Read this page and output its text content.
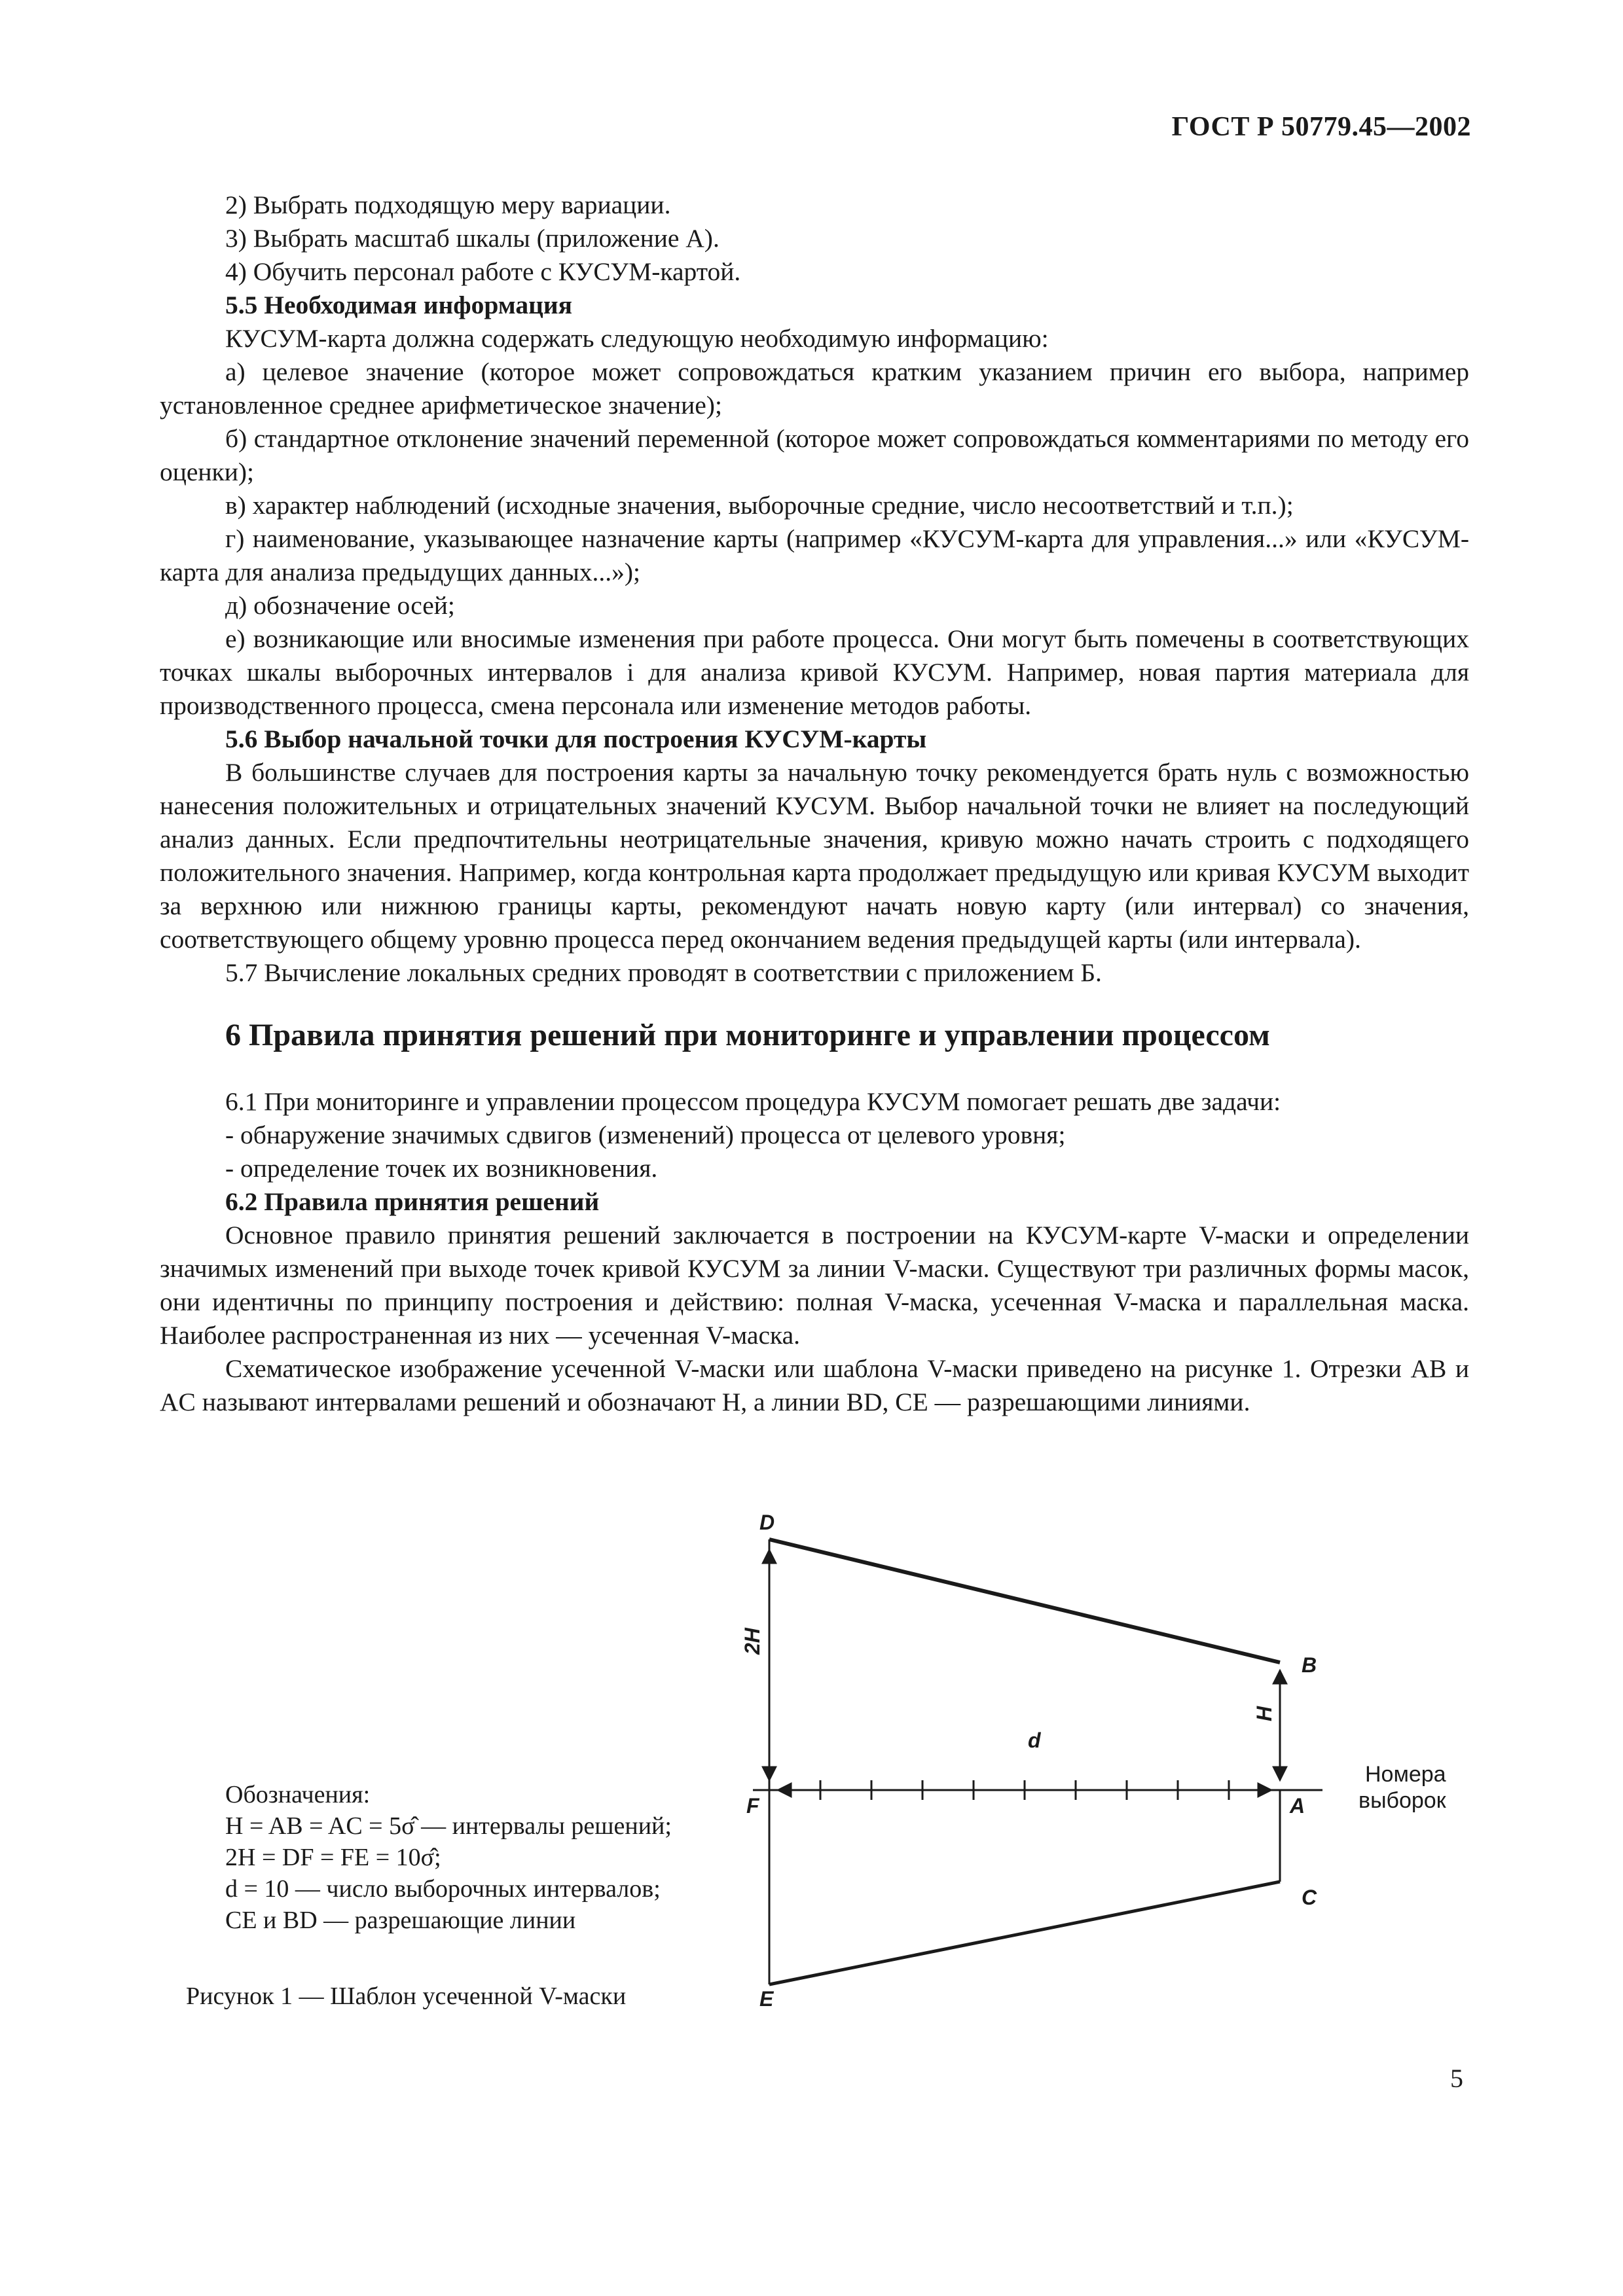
ГОСТ Р 50779.45—2002

2) Выбрать подходящую меру вариации.

3) Выбрать масштаб шкалы (приложение А).

4) Обучить персонал работе с КУСУМ-картой.

5.5 Необходимая информация

КУСУМ-карта должна содержать следующую необходимую информацию:

а) целевое значение (которое может сопровождаться кратким указанием причин его выбора, например установленное среднее арифметическое значение);

б) стандартное отклонение значений переменной (которое может сопровождаться комментариями по методу его оценки);

в) характер наблюдений (исходные значения, выборочные средние, число несоответствий и т.п.);

г) наименование, указывающее назначение карты (например «КУСУМ-карта для управления...» или «КУСУМ-карта для анализа предыдущих данных...»);

д) обозначение осей;

е) возникающие или вносимые изменения при работе процесса. Они могут быть помечены в соответствующих точках шкалы выборочных интервалов i для анализа кривой КУСУМ. Например, новая партия материала для производственного процесса, смена персонала или изменение методов работы.

5.6 Выбор начальной точки для построения КУСУМ-карты

В большинстве случаев для построения карты за начальную точку рекомендуется брать нуль с возможностью нанесения положительных и отрицательных значений КУСУМ. Выбор начальной точки не влияет на последующий анализ данных. Если предпочтительны неотрицательные значения, кривую можно начать строить с подходящего положительного значения. Например, когда контрольная карта продолжает предыдущую или кривая КУСУМ выходит за верхнюю или нижнюю границы карты, рекомендуют начать новую карту (или интервал) со значения, соответствующего общему уровню процесса перед окончанием ведения предыдущей карты (или интервала).

5.7 Вычисление локальных средних проводят в соответствии с приложением Б.

6 Правила принятия решений при мониторинге и управлении процессом

6.1 При мониторинге и управлении процессом процедура КУСУМ помогает решать две задачи:

- обнаружение значимых сдвигов (изменений) процесса от целевого уровня;

- определение точек их возникновения.

6.2 Правила принятия решений

Основное правило принятия решений заключается в построении на КУСУМ-карте V-маски и определении значимых изменений при выходе точек кривой КУСУМ за линии V-маски. Существуют три различных формы масок, они идентичны по принципу построения и действию: полная V-маска, усеченная V-маска и параллельная маска. Наиболее распространенная из них — усеченная V-маска.

Схематическое изображение усеченной V-маски или шаблона V-маски приведено на рисунке 1. Отрезки AB и AC называют интервалами решений и обозначают H, а линии BD, CE — разрешающими линиями.

D
B
F	A
C
E
2H
H
d
Номера
выборок
Обозначения:
H = AB = AC = 5σ̂ — интервалы решений;
2H = DF = FE = 10σ̂;
d = 10 — число выборочных интервалов;
CE и BD — разрешающие линии
Рисунок 1 — Шаблон усеченной V-маски
5
